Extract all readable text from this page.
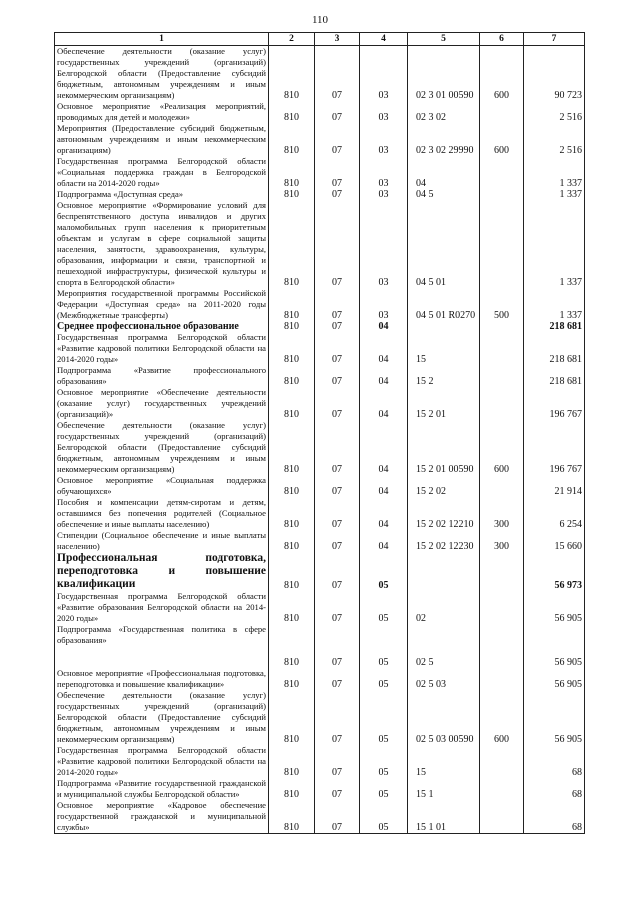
110
1	2	3	4	5	6	7
Обеспечение деятельности (оказание услуг) государственных учреждений (организаций) Белгородской области (Предоставление субсидий бюджетным, автономным учреждениям и иным некоммерческим организациям)	810	07	03	02 3 01 00590	600	90 723
Основное мероприятие «Реализация мероприятий, проводимых для детей и молодежи»	810	07	03	02 3 02		2 516
Мероприятия (Предоставление субсидий бюджетным, автономным учреждениям и иным некоммерческим организациям)	810	07	03	02 3 02 29990	600	2 516
Государственная программа Белгородской области «Социальная поддержка граждан в Белгородской области на 2014-2020 годы»	810	07	03	04		1 337
Подпрограмма «Доступная среда»	810	07	03	04 5		1 337
Основное мероприятие «Формирование условий для беспрепятственного доступа инвалидов и других маломобильных групп населения к приоритетным объектам и услугам в сфере социальной защиты населения, занятости, здравоохранения, культуры, образования, информации и связи, транспортной и пешеходной инфраструктуры, физической культуры и спорта в Белгородской области»	810	07	03	04 5 01		1 337
Мероприятия государственной программы Российской Федерации «Доступная среда» на 2011-2020 годы (Межбюджетные трансферты)	810	07	03	04 5 01 R0270	500	1 337
Среднее профессиональное образование	810	07	04			218 681
Государственная программа Белгородской области «Развитие кадровой политики Белгородской области на 2014-2020 годы»	810	07	04	15		218 681
Подпрограмма «Развитие профессионального образования»	810	07	04	15 2		218 681
Основное мероприятие «Обеспечение деятельности (оказание услуг) государственных учреждений (организаций)»	810	07	04	15 2 01		196 767
Обеспечение деятельности (оказание услуг) государственных учреждений (организаций) Белгородской области (Предоставление субсидий бюджетным, автономным учреждениям и иным некоммерческим организациям)	810	07	04	15 2 01 00590	600	196 767
Основное мероприятие «Социальная поддержка обучающихся»	810	07	04	15 2 02		21 914
Пособия и компенсации детям-сиротам и детям, оставшимся без попечения родителей (Социальное обеспечение и иные выплаты населению)	810	07	04	15 2 02 12210	300	6 254
Стипендии (Социальное обеспечение и иные выплаты населению)	810	07	04	15 2 02 12230	300	15 660
Профессиональная подготовка, переподготовка и повышение квалификации	810	07	05			56 973
Государственная программа Белгородской области «Развитие образования Белгородской области на 2014-2020 годы»	810	07	05	02		56 905
Подпрограмма «Государственная политика в сфере образования»	810	07	05	02 5		56 905
Основное мероприятие «Профессиональная подготовка, переподготовка и повышение квалификации»	810	07	05	02 5 03		56 905
Обеспечение деятельности (оказание услуг) государственных учреждений (организаций) Белгородской области (Предоставление субсидий бюджетным, автономным учреждениям и иным некоммерческим организациям)	810	07	05	02 5 03 00590	600	56 905
Государственная программа Белгородской области «Развитие кадровой политики Белгородской области на 2014-2020 годы»	810	07	05	15		68
Подпрограмма «Развитие государственной гражданской и муниципальной службы Белгородской области»	810	07	05	15 1		68
Основное мероприятие «Кадровое обеспечение государственной гражданской и муниципальной службы»	810	07	05	15 1 01		68
